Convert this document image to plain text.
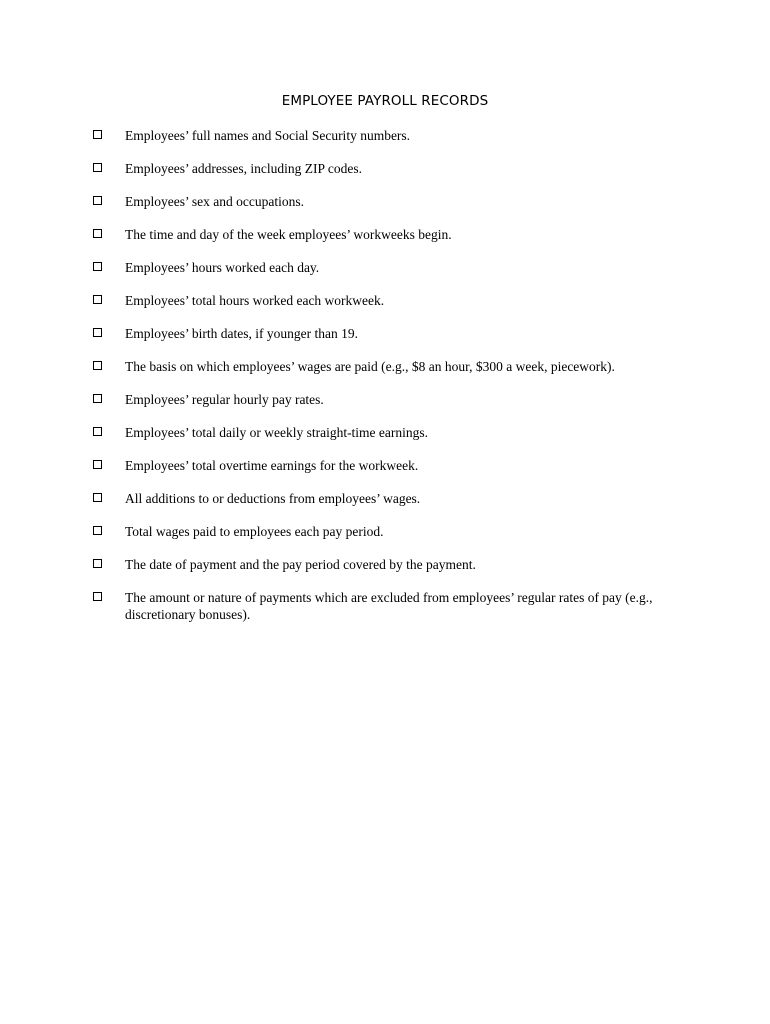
EMPLOYEE PAYROLL RECORDS
Employees’ full names and Social Security numbers.
Employees’ addresses, including ZIP codes.
Employees’ sex and occupations.
The time and day of the week employees’ workweeks begin.
Employees’ hours worked each day.
Employees’ total hours worked each workweek.
Employees’ birth dates, if younger than 19.
The basis on which employees’ wages are paid (e.g., $8 an hour, $300 a week, piecework).
Employees’ regular hourly pay rates.
Employees’ total daily or weekly straight-time earnings.
Employees’ total overtime earnings for the workweek.
All additions to or deductions from employees’ wages.
Total wages paid to employees each pay period.
The date of payment and the pay period covered by the payment.
The amount or nature of payments which are excluded from employees’ regular rates of pay (e.g., discretionary bonuses).
